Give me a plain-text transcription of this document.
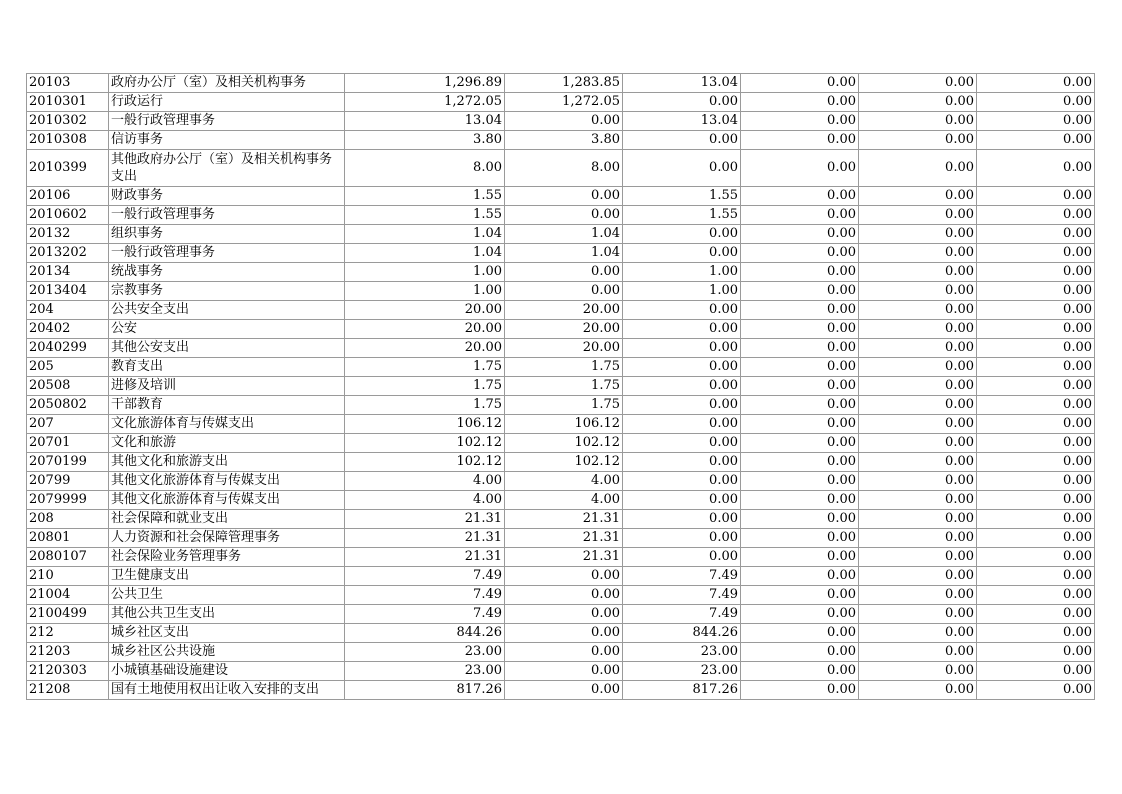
20103	政府办公厅（室）及相关机构事务	1,296.89	1,283.85	13.04	0.00	0.00	0.00
2010301	行政运行	1,272.05	1,272.05	0.00	0.00	0.00	0.00
2010302	一般行政管理事务	13.04	0.00	13.04	0.00	0.00	0.00
2010308	信访事务	3.80	3.80	0.00	0.00	0.00	0.00
2010399	其他政府办公厅（室）及相关机构事务支出	8.00	8.00	0.00	0.00	0.00	0.00
20106	财政事务	1.55	0.00	1.55	0.00	0.00	0.00
2010602	一般行政管理事务	1.55	0.00	1.55	0.00	0.00	0.00
20132	组织事务	1.04	1.04	0.00	0.00	0.00	0.00
2013202	一般行政管理事务	1.04	1.04	0.00	0.00	0.00	0.00
20134	统战事务	1.00	0.00	1.00	0.00	0.00	0.00
2013404	宗教事务	1.00	0.00	1.00	0.00	0.00	0.00
204	公共安全支出	20.00	20.00	0.00	0.00	0.00	0.00
20402	公安	20.00	20.00	0.00	0.00	0.00	0.00
2040299	其他公安支出	20.00	20.00	0.00	0.00	0.00	0.00
205	教育支出	1.75	1.75	0.00	0.00	0.00	0.00
20508	进修及培训	1.75	1.75	0.00	0.00	0.00	0.00
2050802	干部教育	1.75	1.75	0.00	0.00	0.00	0.00
207	文化旅游体育与传媒支出	106.12	106.12	0.00	0.00	0.00	0.00
20701	文化和旅游	102.12	102.12	0.00	0.00	0.00	0.00
2070199	其他文化和旅游支出	102.12	102.12	0.00	0.00	0.00	0.00
20799	其他文化旅游体育与传媒支出	4.00	4.00	0.00	0.00	0.00	0.00
2079999	其他文化旅游体育与传媒支出	4.00	4.00	0.00	0.00	0.00	0.00
208	社会保障和就业支出	21.31	21.31	0.00	0.00	0.00	0.00
20801	人力资源和社会保障管理事务	21.31	21.31	0.00	0.00	0.00	0.00
2080107	社会保险业务管理事务	21.31	21.31	0.00	0.00	0.00	0.00
210	卫生健康支出	7.49	0.00	7.49	0.00	0.00	0.00
21004	公共卫生	7.49	0.00	7.49	0.00	0.00	0.00
2100499	其他公共卫生支出	7.49	0.00	7.49	0.00	0.00	0.00
212	城乡社区支出	844.26	0.00	844.26	0.00	0.00	0.00
21203	城乡社区公共设施	23.00	0.00	23.00	0.00	0.00	0.00
2120303	小城镇基础设施建设	23.00	0.00	23.00	0.00	0.00	0.00
21208	国有土地使用权出让收入安排的支出	817.26	0.00	817.26	0.00	0.00	0.00
